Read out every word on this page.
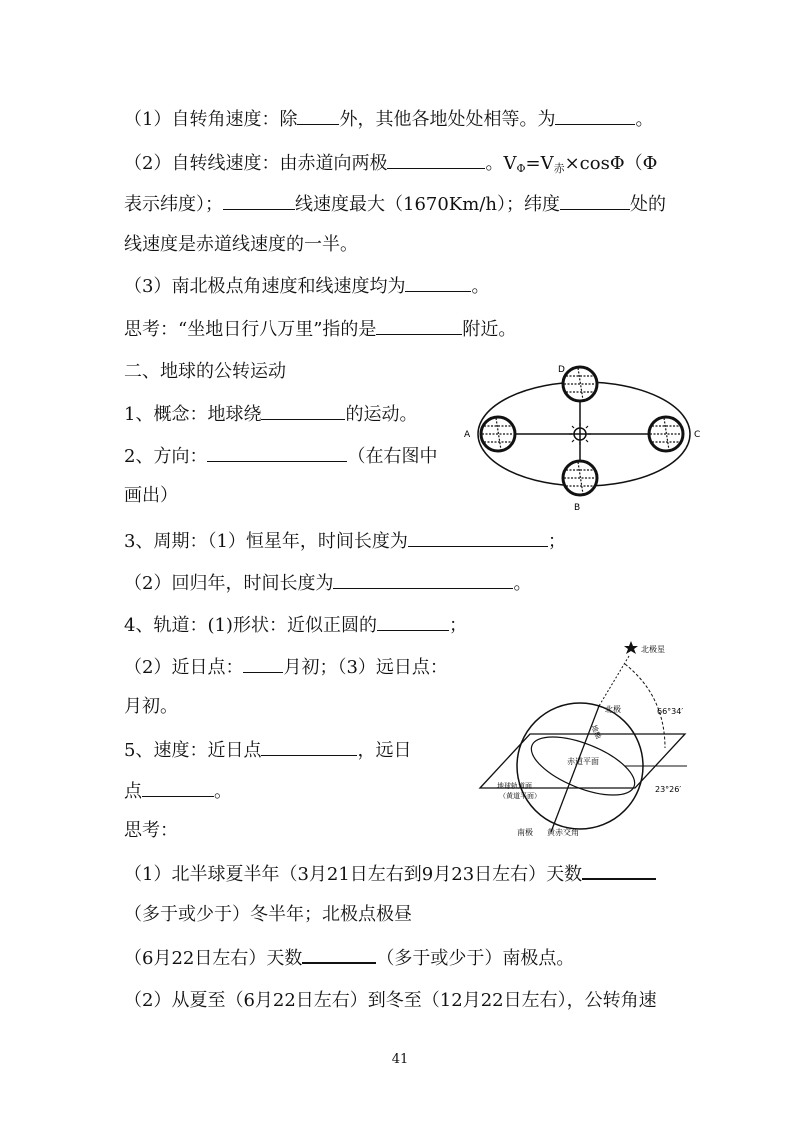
（1）自转角速度：除 外，其他各地处处相等。为	。
（2）自转线速度：由赤道向两极	。$V_\Phi=V_赤\times\cos\Phi(\Phi$
表示纬度）；	线速度最大（1670Km/h）；纬度	处的
线速度是赤道线速度的一半。
（3）南北极点角速度和线速度均为	。
思考：“坐地日行八万里”指的是	附近。
二、地球的公转运动
1、概念：地球绕	的运动。
2、方向：	（在右图中
画出）
3、周期：（1）恒星年，时间长度为	；
（2）回归年，时间长度为	。
4、轨道：(1)形状：近似正圆的	；
（2）近日点： 月初；（3）远日点：
月初。
5、速度：近日点	，远日
点	。
思考：
（1）北半球夏半年（3月21日左右到9月23日左右）天数
（多于或少于）冬半年；北极点极昼
（6月22日左右）天数	（多于或少于）南极点。
（2）从夏至（6月22日左右）到冬至（12月22日左右），公转角速
D
A	C
B
北极星
66°34′
北极
地轴
赤道平面
23°26′
地球轨道面
（黄道平面）
南极 黄赤交角
41
